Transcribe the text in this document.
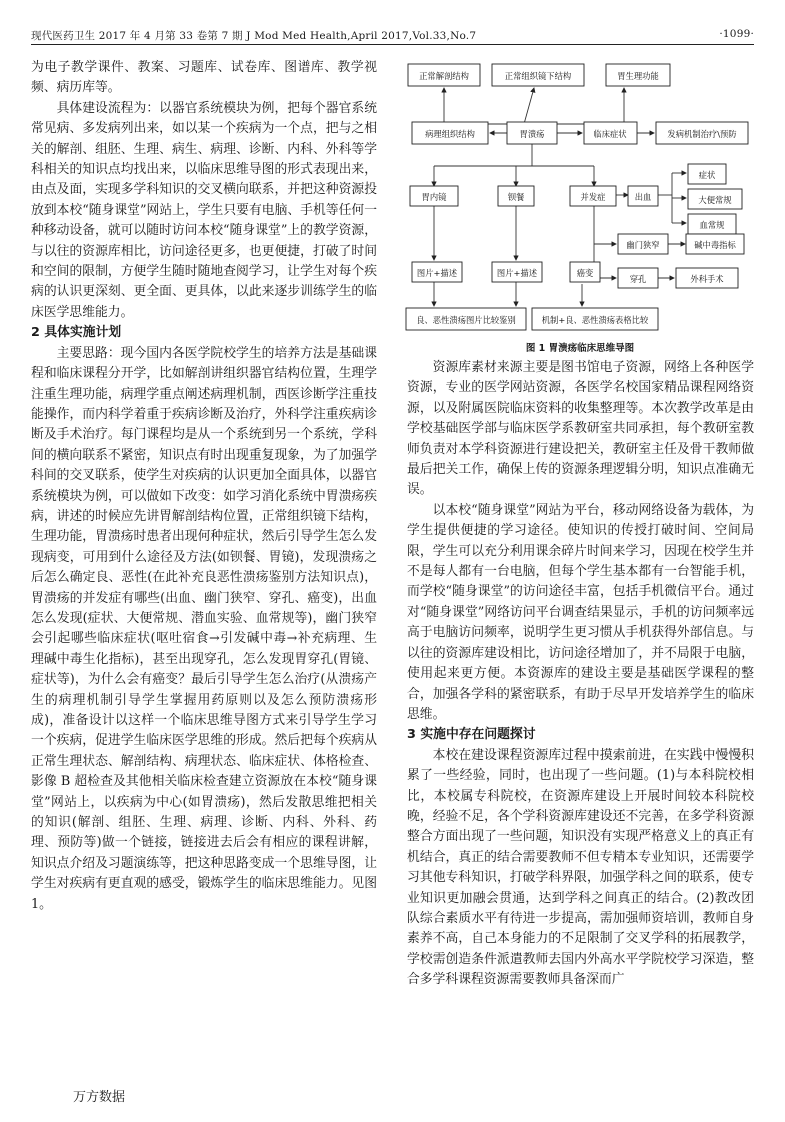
现代医药卫生 2017 年 4 月第 33 卷第 7 期 J Mod Med Health,April 2017,Vol.33,No.7	·1099·

为电子教学课件、教案、习题库、试卷库、图谱库、教学视频、病历库等。

具体建设流程为：以器官系统模块为例，把每个器官系统常见病、多发病列出来，如以某一个疾病为一个点，把与之相关的解剖、组胚、生理、病生、病理、诊断、内科、外科等学科相关的知识点均找出来，以临床思维导图的形式表现出来，由点及面，实现多学科知识的交叉横向联系，并把这种资源投放到本校“随身课堂”网站上，学生只要有电脑、手机等任何一种移动设备，就可以随时访问本校“随身课堂”上的教学资源，与以往的资源库相比，访问途径更多，也更便捷，打破了时间和空间的限制，方便学生随时随地查阅学习，让学生对每个疾病的认识更深刻、更全面、更具体，以此来逐步训练学生的临床医学思维能力。

2 具体实施计划

主要思路：现今国内各医学院校学生的培养方法是基础课程和临床课程分开学，比如解剖讲组织器官结构位置，生理学注重生理功能，病理学重点阐述病理机制，西医诊断学注重技能操作，而内科学着重于疾病诊断及治疗，外科学注重疾病诊断及手术治疗。每门课程均是从一个系统到另一个系统，学科间的横向联系不紧密，知识点有时出现重复现象，为了加强学科间的交叉联系，使学生对疾病的认识更加全面具体，以器官系统模块为例，可以做如下改变：如学习消化系统中胃溃疡疾病，讲述的时候应先讲胃解剖结构位置，正常组织镜下结构，生理功能，胃溃疡时患者出现何种症状，然后引导学生怎么发现病变，可用到什么途径及方法(如钡餐、胃镜)，发现溃疡之后怎么确定良、恶性(在此补充良恶性溃疡鉴别方法知识点)，胃溃疡的并发症有哪些(出血、幽门狭窄、穿孔、癌变)，出血怎么发现(症状、大便常规、潜血实验、血常规等)，幽门狭窄会引起哪些临床症状(呕吐宿食→引发碱中毒→补充病理、生理碱中毒生化指标)，甚至出现穿孔，怎么发现胃穿孔(胃镜、症状等)，为什么会有癌变？最后引导学生怎么治疗(从溃疡产生的病理机制引导学生掌握用药原则以及怎么预防溃疡形成)，准备设计以这样一个临床思维导图方式来引导学生学习一个疾病，促进学生临床医学思维的形成。然后把每个疾病从正常生理状态、解剖结构、病理状态、临床症状、体格检查、影像 B 超检查及其他相关临床检查建立资源放在本校“随身课堂”网站上，以疾病为中心(如胃溃疡)，然后发散思维把相关的知识(解剖、组胚、生理、病理、诊断、内科、外科、药理、预防等)做一个链接，链接进去后会有相应的课程讲解，知识点介绍及习题演练等，把这种思路变成一个思维导图，让学生对疾病有更直观的感受，锻炼学生的临床思维能力。见图 1。

正常解剖结构	正常组织镜下结构	胃生理功能
病理组织结构	胃溃疡	临床症状	发病机制治疗\预防
胃内镜	钡餐	并发症	出血
症状
大便常规
血常规
幽门狭窄	碱中毒指标
穿孔	外科手术
图片+描述	图片+描述	癌变
良、恶性溃疡图片比较鉴别	机制+良、恶性溃疡表格比较
图 1 胃溃疡临床思维导图

资源库素材来源主要是图书馆电子资源，网络上各种医学资源，专业的医学网站资源，各医学名校国家精品课程网络资源，以及附属医院临床资料的收集整理等。本次教学改革是由学校基础医学部与临床医学系教研室共同承担，每个教研室教师负责对本学科资源进行建设把关，教研室主任及骨干教师做最后把关工作，确保上传的资源条理逻辑分明，知识点准确无误。

以本校“随身课堂”网站为平台，移动网络设备为载体，为学生提供便捷的学习途径。使知识的传授打破时间、空间局限，学生可以充分利用课余碎片时间来学习，因现在校学生并不是每人都有一台电脑，但每个学生基本都有一台智能手机，而学校“随身课堂”的访问途径丰富，包括手机微信平台。通过对“随身课堂”网络访问平台调查结果显示，手机的访问频率远高于电脑访问频率，说明学生更习惯从手机获得外部信息。与以往的资源库建设相比，访问途径增加了，并不局限于电脑，使用起来更方便。本资源库的建设主要是基础医学课程的整合，加强各学科的紧密联系，有助于尽早开发培养学生的临床思维。

3 实施中存在问题探讨

本校在建设课程资源库过程中摸索前进，在实践中慢慢积累了一些经验，同时，也出现了一些问题。(1)与本科院校相比，本校属专科院校，在资源库建设上开展时间较本科院校晚，经验不足，各个学科资源库建设还不完善，在多学科资源整合方面出现了一些问题，知识没有实现严格意义上的真正有机结合，真正的结合需要教师不但专精本专业知识，还需要学习其他专科知识，打破学科界限，加强学科之间的联系，使专业知识更加融会贯通，达到学科之间真正的结合。(2)教改团队综合素质水平有待进一步提高，需加强师资培训，教师自身素养不高，自己本身能力的不足限制了交叉学科的拓展教学，学校需创造条件派遣教师去国内外高水平学院校学习深造，整合多学科课程资源需要教师具备深而广

万方数据
